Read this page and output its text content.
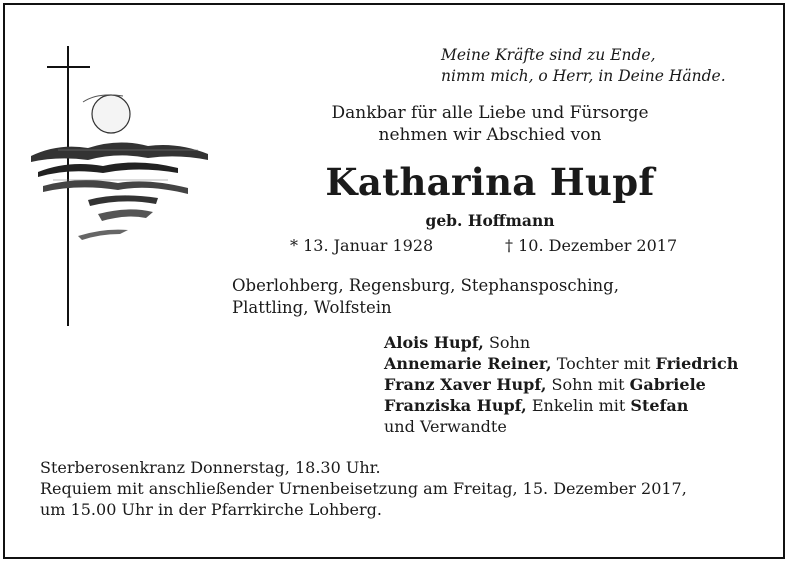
Meine Kräfte sind zu Ende,
nimm mich, o Herr, in Deine Hände.
Dankbar für alle Liebe und Fürsorge
nehmen wir Abschied von
Katharina Hupf
geb. Hoffmann
* 13. Januar 1928	† 10. Dezember 2017
Oberlohberg, Regensburg, Stephansposching,
Plattling, Wolfstein
Alois Hupf, Sohn
Annemarie Reiner, Tochter mit Friedrich
Franz Xaver Hupf, Sohn mit Gabriele
Franziska Hupf, Enkelin mit Stefan
und Verwandte
Sterberosenkranz Donnerstag, 18.30 Uhr.
Requiem mit anschließender Urnenbeisetzung am Freitag, 15. Dezember 2017,
um 15.00 Uhr in der Pfarrkirche Lohberg.
